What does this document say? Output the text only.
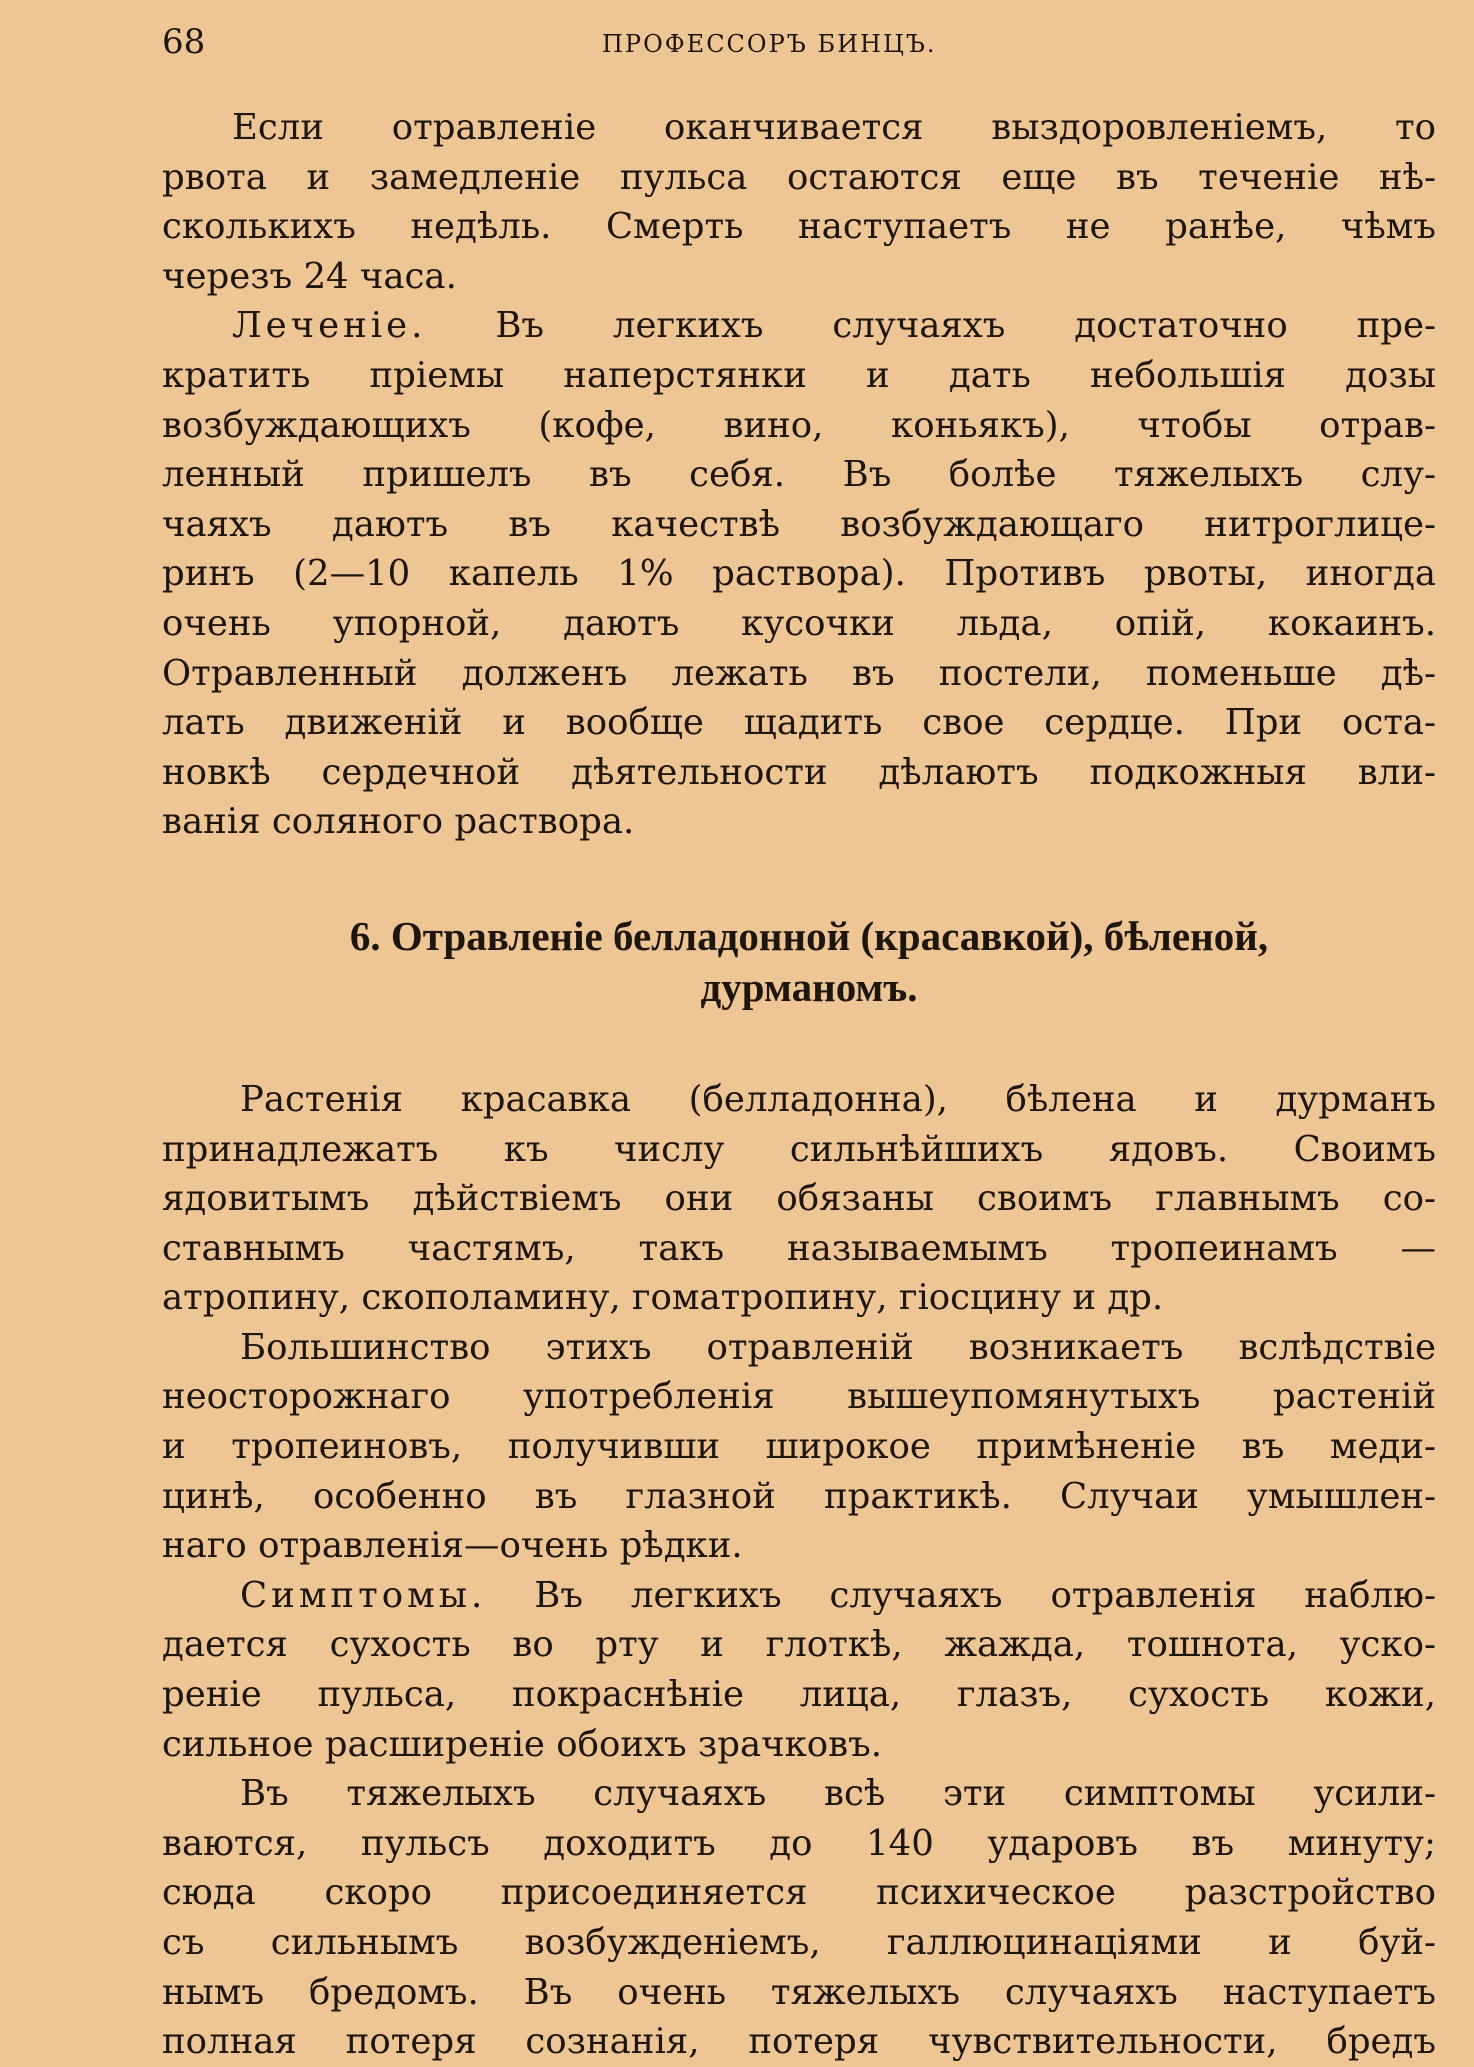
68	ПРОФЕССОРЪ БИНЦЪ.
Если отравленіе оканчивается выздоровленіемъ, то
рвота и замедленіе пульса остаются еще въ теченіе нѣ-
сколькихъ недѣль. Смерть наступаетъ не ранѣе, чѣмъ
черезъ 24 часа.
Леченіе. Въ легкихъ случаяхъ достаточно пре-
кратить пріемы наперстянки и дать небольшія дозы
возбуждающихъ (кофе, вино, коньякъ), чтобы отрав-
ленный пришелъ въ себя. Въ болѣе тяжелыхъ слу-
чаяхъ даютъ въ качествѣ возбуждающаго нитроглице-
ринъ (2—10 капель 1% раствора). Противъ рвоты, иногда
очень упорной, даютъ кусочки льда, опій, кокаинъ.
Отравленный долженъ лежать въ постели, поменьше дѣ-
лать движеній и вообще щадить свое сердце. При оста-
новкѣ сердечной дѣятельности дѣлаютъ подкожныя вли-
ванія соляного раствора.
6. Отравленіе белладонной (красавкой), бѣленой,
дурманомъ.
Растенія красавка (белладонна), бѣлена и дурманъ
принадлежатъ къ числу сильнѣйшихъ ядовъ. Своимъ
ядовитымъ дѣйствіемъ они обязаны своимъ главнымъ со-
ставнымъ частямъ, такъ называемымъ тропеинамъ —
атропину, скополамину, гоматропину, гіосцину и др.
Большинство этихъ отравленій возникаетъ вслѣдствіе
неосторожнаго употребленія вышеупомянутыхъ растеній
и тропеиновъ, получивши широкое примѣненіе въ меди-
цинѣ, особенно въ глазной практикѣ. Случаи умышлен-
наго отравленія—очень рѣдки.
Симптомы. Въ легкихъ случаяхъ отравленія наблю-
дается сухость во рту и глоткѣ, жажда, тошнота, уско-
реніе пульса, покраснѣніе лица, глазъ, сухость кожи,
сильное расширеніе обоихъ зрачковъ.
Въ тяжелыхъ случаяхъ всѣ эти симптомы усили-
ваются, пульсъ доходитъ до 140 ударовъ въ минуту;
сюда скоро присоединяется психическое разстройство
съ сильнымъ возбужденіемъ, галлюцинаціями и буй-
нымъ бредомъ. Въ очень тяжелыхъ случаяхъ наступаетъ
полная потеря сознанія, потеря чувствительности, бредъ
